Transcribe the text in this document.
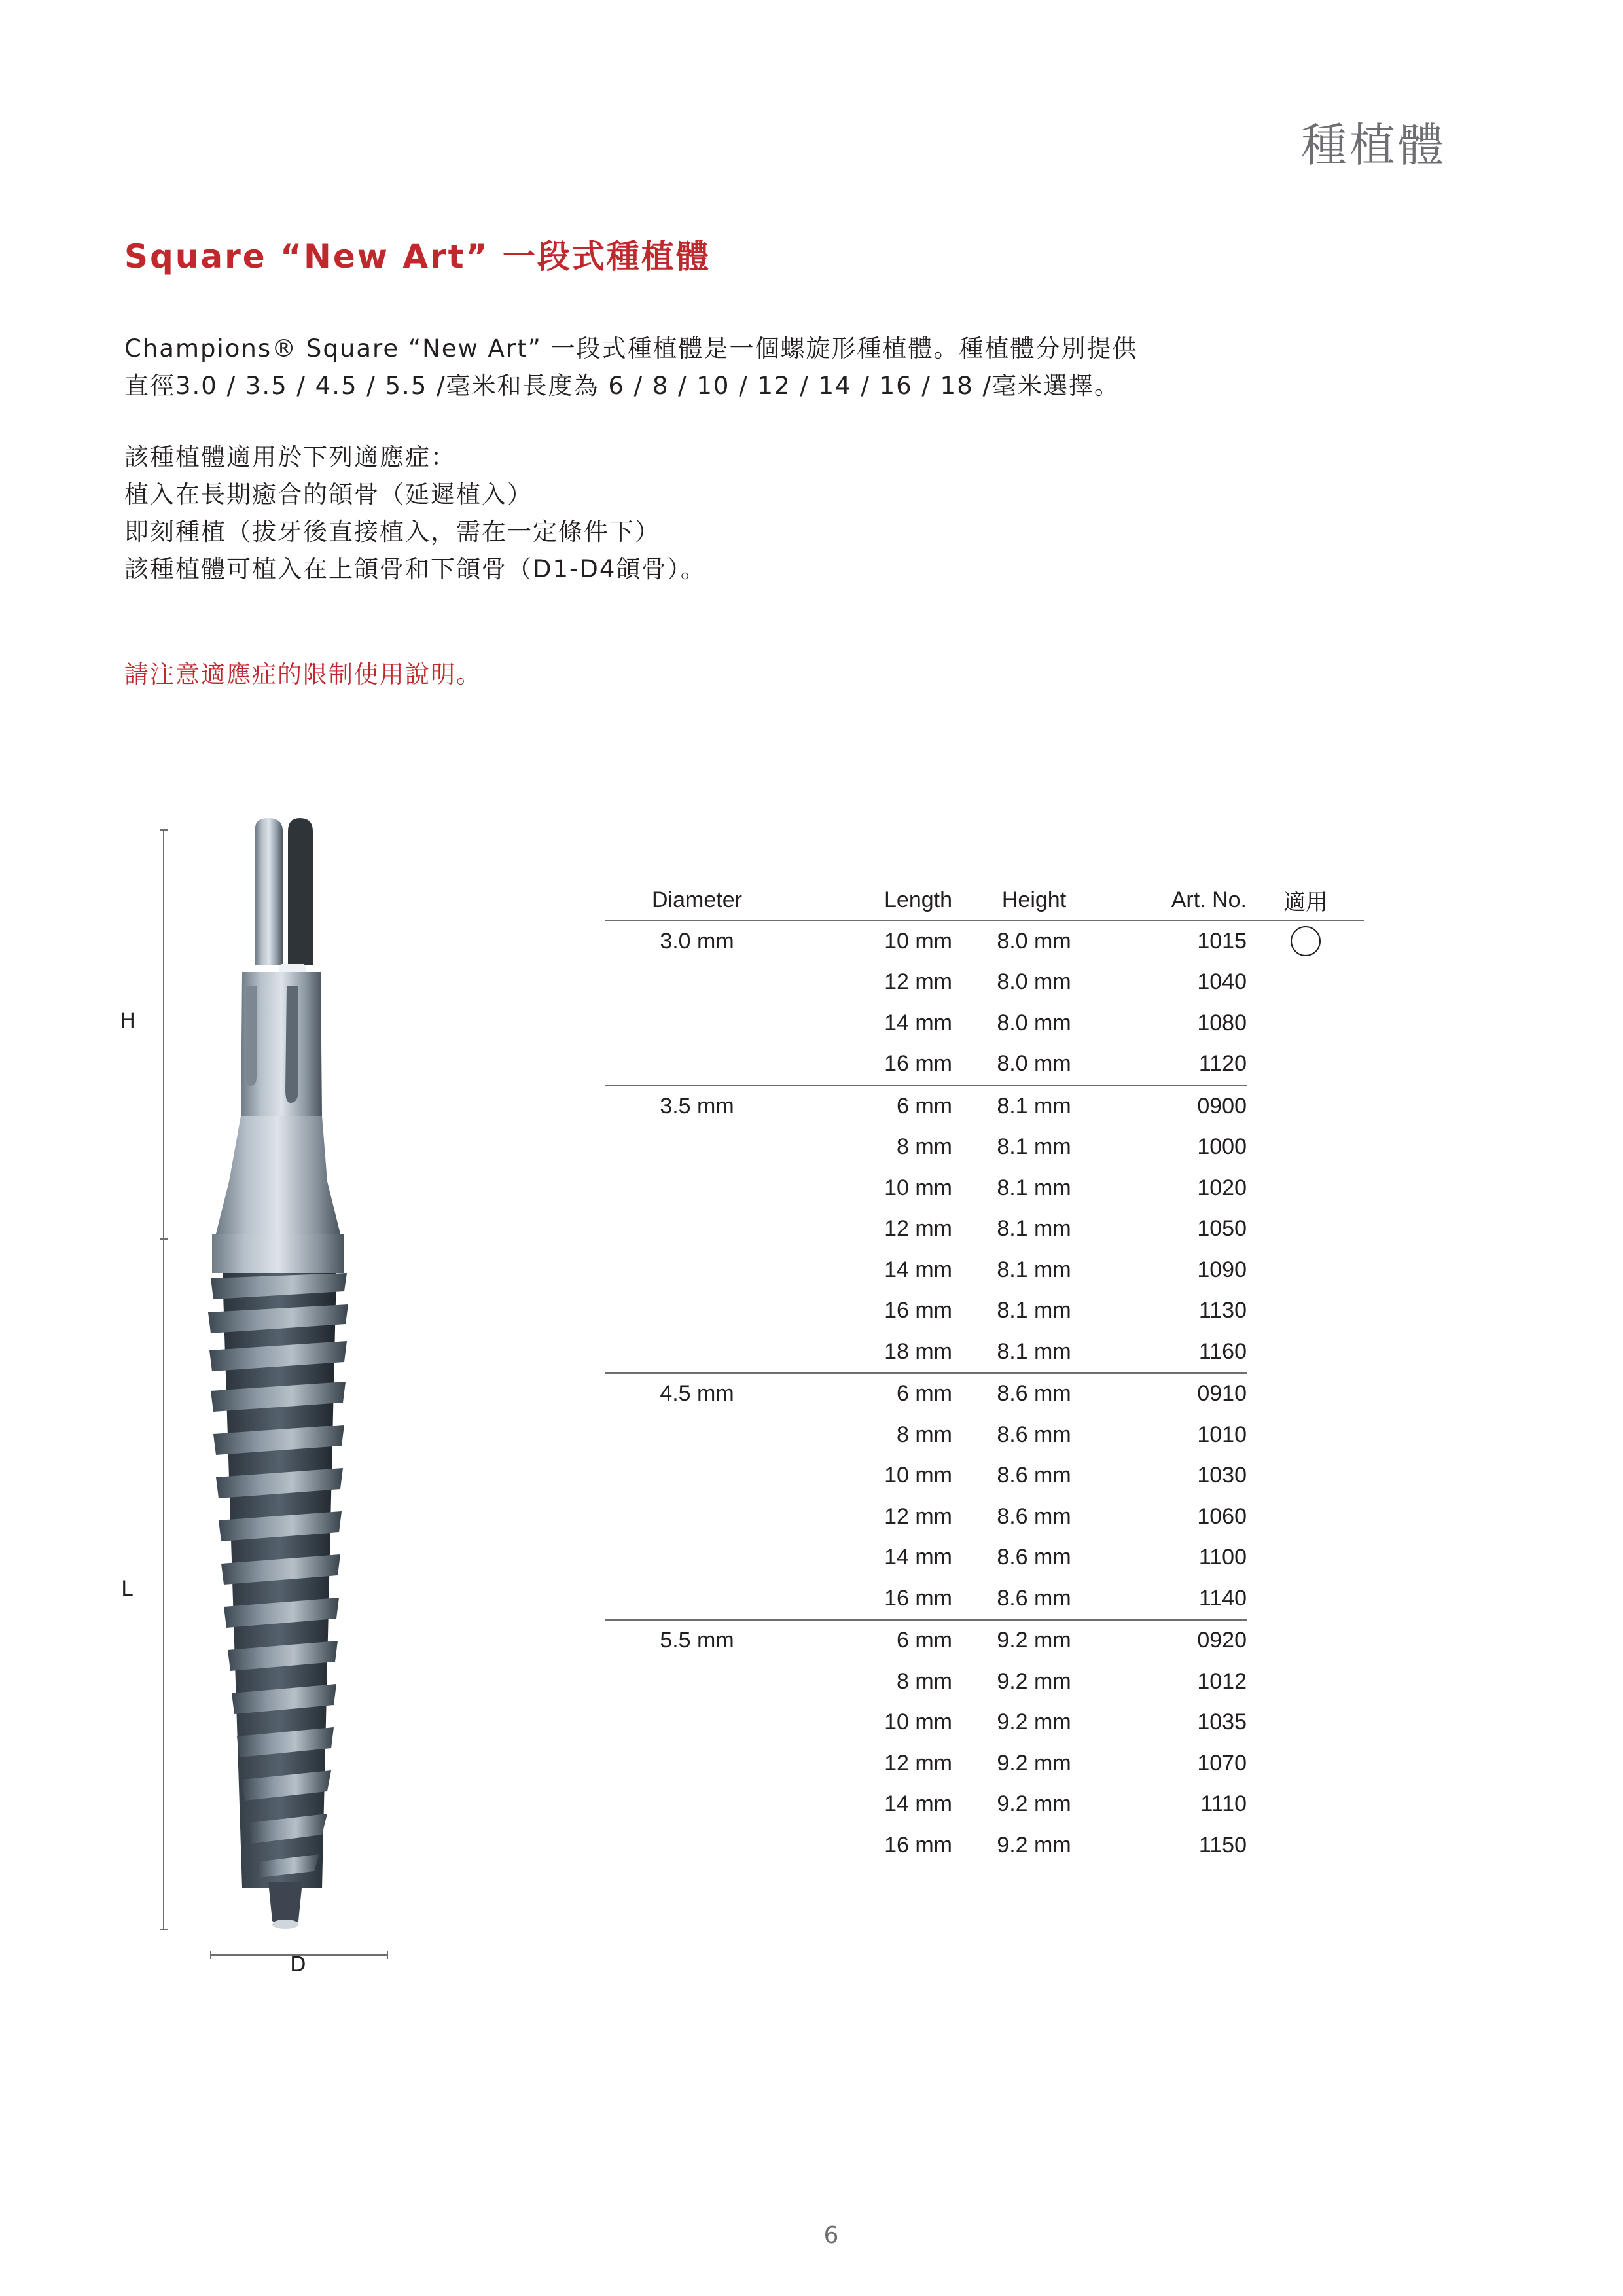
種植體
Square “New Art” 一段式種植體
Champions® Square “New Art” 一段式種植體是一個螺旋形種植體。種植體分別提供
直徑3.0 / 3.5 / 4.5 / 5.5 /毫米和長度為 6 / 8 / 10 / 12 / 14 / 16 / 18 /毫米選擇。
該種植體適用於下列適應症：
植入在長期癒合的頜骨（延遲植入）
即刻種植（拔牙後直接植入，需在一定條件下）
該種植體可植入在上頜骨和下頜骨（D1-D4頜骨）。
請注意適應症的限制使用說明。
H
L
D
Diameter	Length	Height	Art. No.	適用
3.0 mm	10 mm	8.0 mm	1015	
	12 mm	8.0 mm	1040	
	14 mm	8.0 mm	1080	
	16 mm	8.0 mm	1120	
3.5 mm	6 mm	8.1 mm	0900	
	8 mm	8.1 mm	1000	
	10 mm	8.1 mm	1020	
	12 mm	8.1 mm	1050	
	14 mm	8.1 mm	1090	
	16 mm	8.1 mm	1130	
	18 mm	8.1 mm	1160	
4.5 mm	6 mm	8.6 mm	0910	
	8 mm	8.6 mm	1010	
	10 mm	8.6 mm	1030	
	12 mm	8.6 mm	1060	
	14 mm	8.6 mm	1100	
	16 mm	8.6 mm	1140	
5.5 mm	6 mm	9.2 mm	0920	
	8 mm	9.2 mm	1012	
	10 mm	9.2 mm	1035	
	12 mm	9.2 mm	1070	
	14 mm	9.2 mm	1110	
	16 mm	9.2 mm	1150	
6
